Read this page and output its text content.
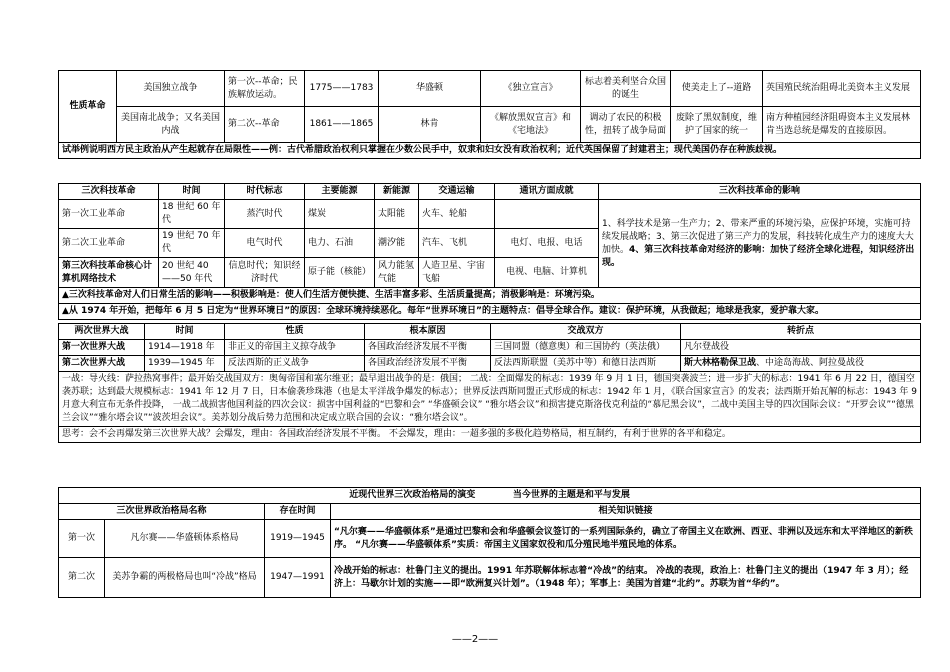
性质革命	美国独立战争	第一次--革命；民族解放运动。	1775——1783	华盛顿	《独立宣言》	标志着美利坚合众国的诞生	使美走上了--道路	英国殖民统治阻碍北美资本主义发展
	美国南北战争；又名美国内战	第二次--革命	1861——1865	林肯	《解放黑奴宣言》和《宅地法》	调动了农民的积极性，扭转了战争局面	废除了黑奴制度，维护了国家的统一	南方种植园经济阻碍资本主义发展林肯当选总统是爆发的直接原因。
试举例说明西方民主政治从产生起就存在局限性——例：古代希腊政治权利只掌握在少数公民手中，奴隶和妇女没有政治权利；近代英国保留了封建君主；现代美国仍存在种族歧视。								
三次科技革命	时间	时代标志	主要能源	新能源	交通运输	通讯方面成就	三次科技革命的影响
第一次工业革命	18 世纪 60 年代	蒸汽时代	煤炭	太阳能	火车、轮船		1、科学技术是第一生产力；2、带来严重的环境污染，应保护环境，实施可持续发展战略；3、第三次促进了第三产力的发展，科技转化成生产力的速度大大加快。4、第三次科技革命对经济的影响：加快了经济全球化进程，知识经济出现。
第二次工业革命	19 世纪 70 年代	电气时代	电力、石油	潮汐能	汽车、飞机	电灯、电报、电话	
第三次科技革命核心计算机网络技术	20 世纪 40——50 年代	信息时代；知识经济时代	原子能（核能）	风力能氢气能	人造卫星、宇宙飞船	电视、电脑、计算机	
▲三次科技革命对人们日常生活的影响——积极影响是：使人们生活方便快捷、生活丰富多彩、生活质量提高；消极影响是：环境污染。							
▲从 1974 年开始，把每年 6 月 5 日定为“世界环境日”的原因：全球环境持续恶化。每年“世界环境日”的主题特点：倡导全球合作。建议：保护环境，从我做起；地球是我家，爱护靠大家。							
两次世界大战	时间	性质	根本原因	交战双方	转折点
第一次世界大战	1914—1918 年	非正义的帝国主义掠夺战争	各国政治经济发展不平衡	三国同盟（德意奥）和三国协约（英法俄）	凡尔登战役
第二次世界大战	1939—1945 年	反法西斯的正义战争	各国政治经济发展不平衡	反法西斯联盟（美苏中等）和德日法西斯	斯大林格勒保卫战、中途岛海战、阿拉曼战役
一战：导火线：萨拉热窝事件；最开始交战国双方：奥匈帝国和塞尔维亚；最早退出战争的是：俄国； 二战：全面爆发的标志：1939 年 9 月 1 日，德国突袭波兰；进一步扩大的标志：1941 年 6 月 22 日，德国空袭苏联；达到最大规模标志：1941 年 12 月 7 日，日本偷袭珍珠港（也是太平洋战争爆发的标志）；世界反法西斯同盟正式形成的标志：1942 年 1 月，《联合国家宣言》的发表；法西斯开始瓦解的标志：1943 年 9 月意大利宣布无条件投降， 一战二战损害他国利益的四次会议：损害中国利益的“巴黎和会” “华盛顿会议” “雅尔塔会议”和损害捷克斯洛伐克利益的“慕尼黑会议”，二战中美国主导的四次国际会议：“开罗会议”“德黑兰会议”“雅尔塔会议”“波茨坦会议”。美苏划分战后势力范围和决定成立联合国的会议：“雅尔塔会议”。					
思考：会不会再爆发第三次世界大战？会爆发，理由：各国政治经济发展不平衡。 不会爆发，理由：一超多强的多极化趋势格局，相互制约，有利于世界的各平和稳定。					
近现代世界三次政治格局的演变 当今世界的主题是和平与发展			
三次世界政治格局名称		存在时间	相关知识链接
第一次	凡尔赛——华盛顿体系格局	1919—1945	“凡尔赛——华盛顿体系”是通过巴黎和会和华盛顿会议签订的一系列国际条约，确立了帝国主义在欧洲、西亚、非洲以及远东和太平洋地区的新秩序。 “凡尔赛——华盛顿体系”实质：帝国主义国家奴役和瓜分殖民地半殖民地的体系。
第二次	美苏争霸的两极格局也叫“冷战”格局	1947—1991	冷战开始的标志：杜鲁门主义的提出。1991 年苏联解体标志着“冷战”的结束。 冷战的表现，政治上：杜鲁门主义的提出（1947 年 3 月）；经济上：马歇尔计划的实施——即“欧洲复兴计划”。（1948 年）；军事上：美国为首建“北约”。苏联为首“华约”。
——2——
